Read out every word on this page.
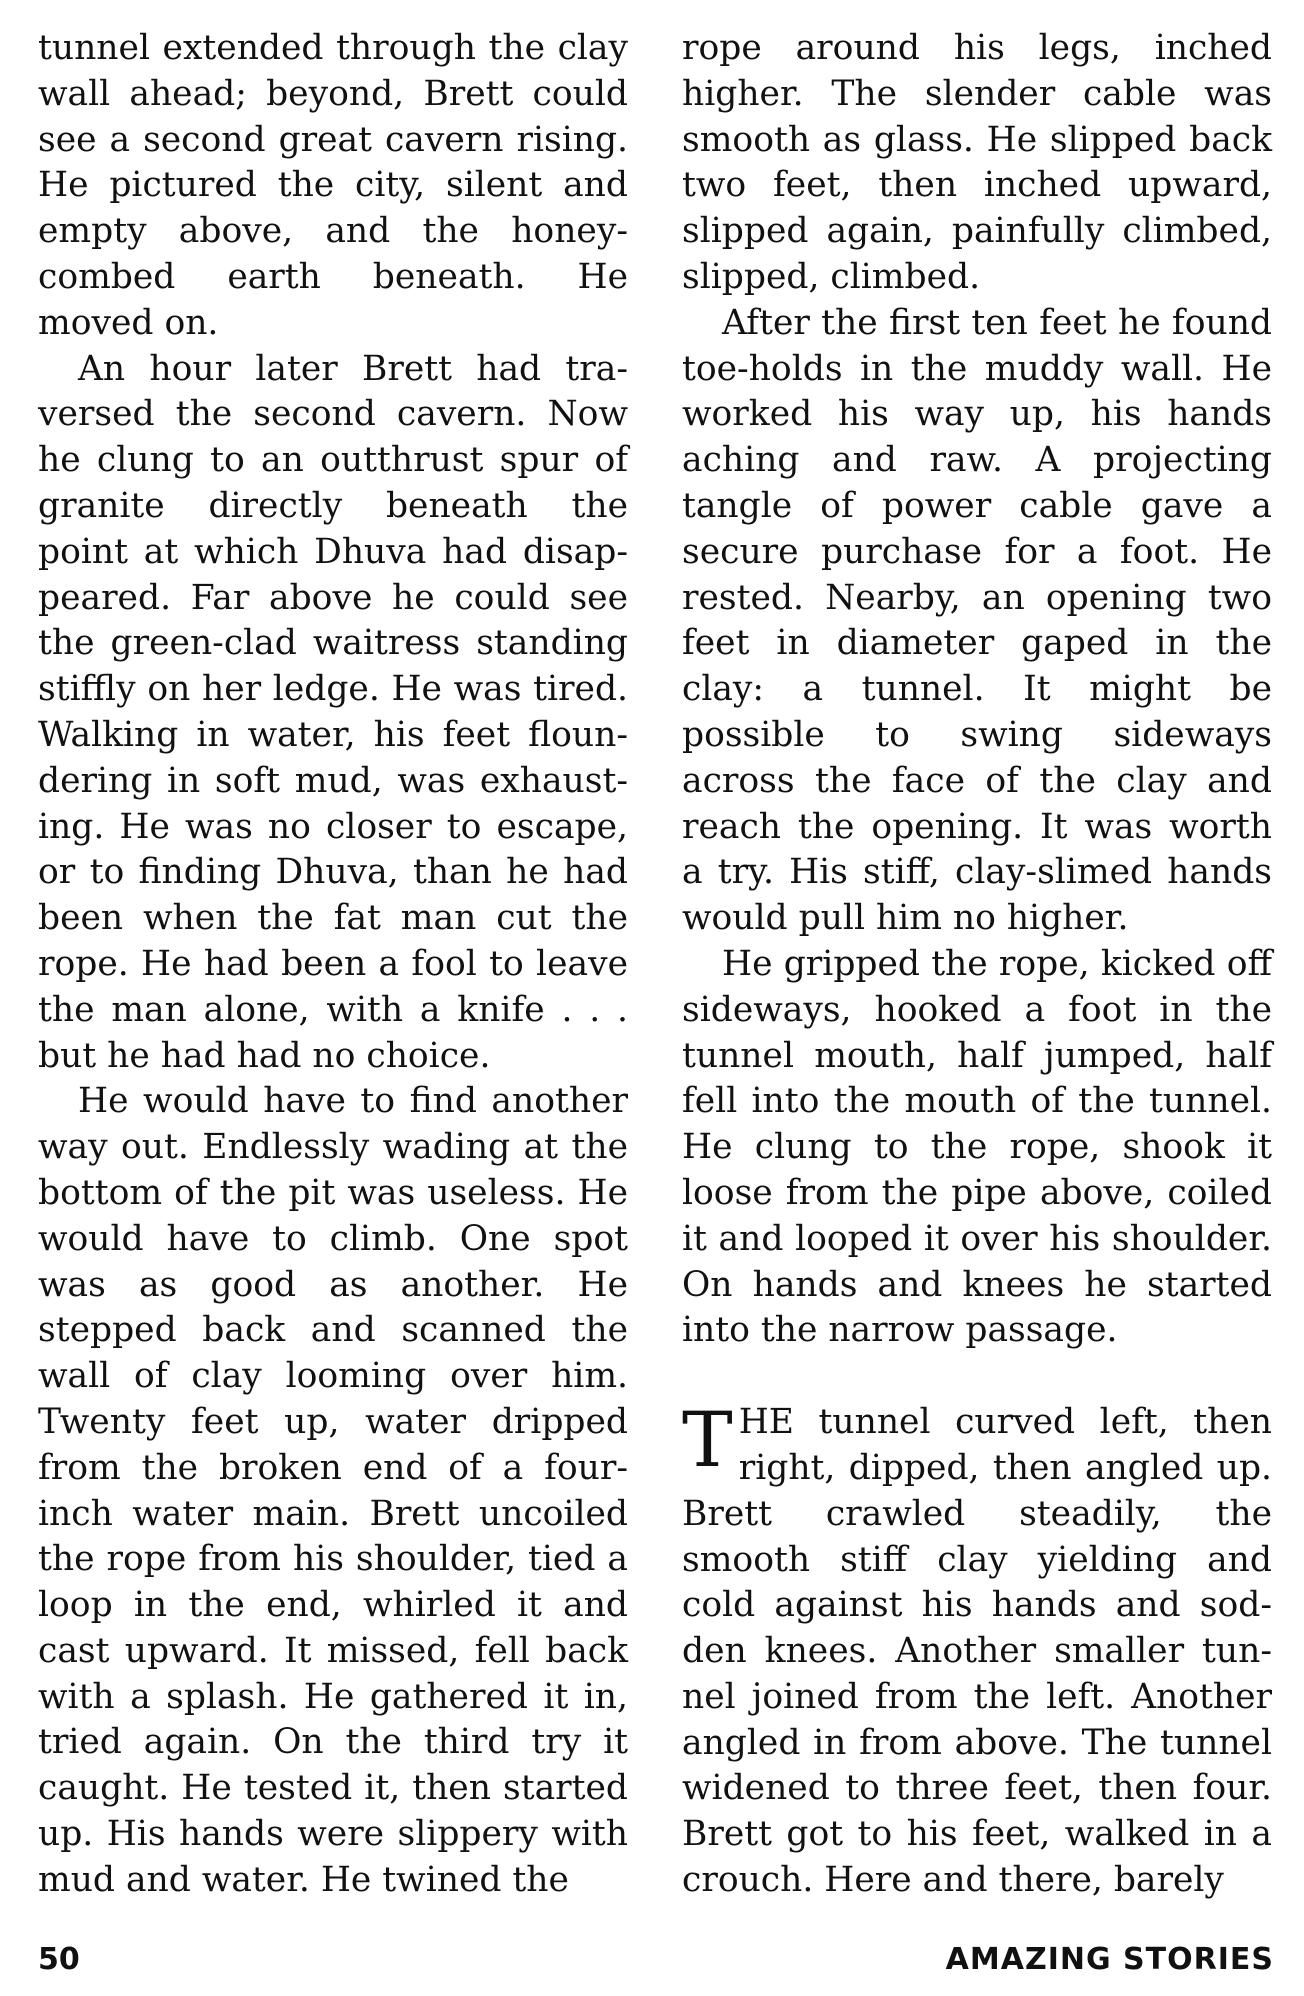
tunnel extended through the clay wall ahead; beyond, Brett could see a second great cavern rising. He pictured the city, silent and empty above, and the honeycombed earth beneath. He moved on.

An hour later Brett had traversed the second cavern. Now he clung to an outthrust spur of granite directly beneath the point at which Dhuva had disappeared. Far above he could see the green-clad waitress standing stiffly on her ledge. He was tired. Walking in water, his feet floundering in soft mud, was exhausting. He was no closer to escape, or to finding Dhuva, than he had been when the fat man cut the rope. He had been a fool to leave the man alone, with a knife . . . but he had had no choice.

He would have to find another way out. Endlessly wading at the bottom of the pit was useless. He would have to climb. One spot was as good as another. He stepped back and scanned the wall of clay looming over him. Twenty feet up, water dripped from the broken end of a four-inch water main. Brett uncoiled the rope from his shoulder, tied a loop in the end, whirled it and cast upward. It missed, fell back with a splash. He gathered it in, tried again. On the third try it caught. He tested it, then started up. His hands were slippery with mud and water. He twined the

rope around his legs, inched higher. The slender cable was smooth as glass. He slipped back two feet, then inched upward, slipped again, painfully climbed, slipped, climbed.

After the first ten feet he found toe-holds in the muddy wall. He worked his way up, his hands aching and raw. A projecting tangle of power cable gave a secure purchase for a foot. He rested. Nearby, an opening two feet in diameter gaped in the clay: a tunnel. It might be possible to swing sideways across the face of the clay and reach the opening. It was worth a try. His stiff, clay-slimed hands would pull him no higher.

He gripped the rope, kicked off sideways, hooked a foot in the tunnel mouth, half jumped, half fell into the mouth of the tunnel. He clung to the rope, shook it loose from the pipe above, coiled it and looped it over his shoulder. On hands and knees he started into the narrow passage.

THE tunnel curved left, then right, dipped, then angled up. Brett crawled steadily, the smooth stiff clay yielding and cold against his hands and sodden knees. Another smaller tunnel joined from the left. Another angled in from above. The tunnel widened to three feet, then four. Brett got to his feet, walked in a crouch. Here and there, barely

50	AMAZING STORIES
